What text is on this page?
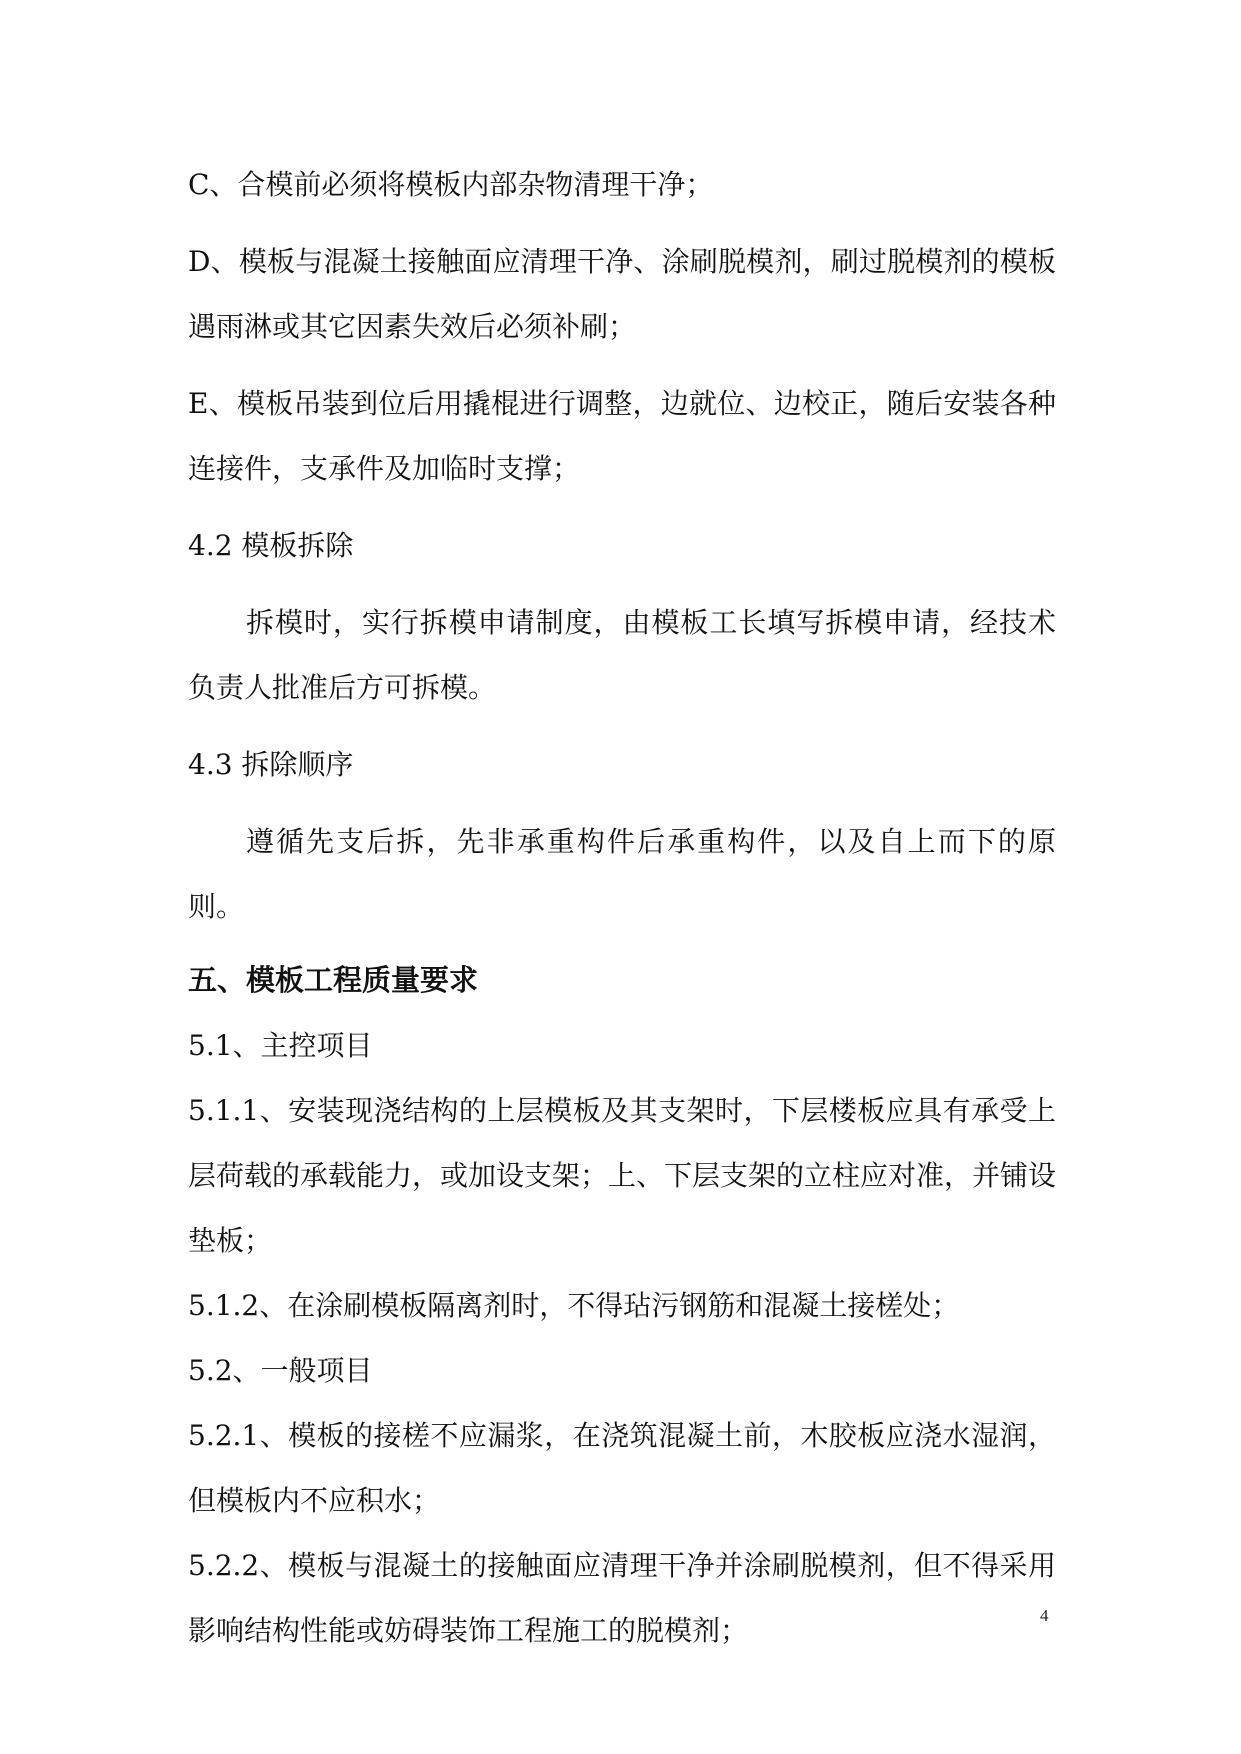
C、合模前必须将模板内部杂物清理干净；

D、模板与混凝土接触面应清理干净、涂刷脱模剂，刷过脱模剂的模板遇雨淋或其它因素失效后必须补刷；

E、模板吊装到位后用撬棍进行调整，边就位、边校正，随后安装各种连接件，支承件及加临时支撑；

4.2 模板拆除

拆模时，实行拆模申请制度，由模板工长填写拆模申请，经技术负责人批准后方可拆模。

4.3 拆除顺序

遵循先支后拆，先非承重构件后承重构件，以及自上而下的原则。

五、模板工程质量要求

5.1、主控项目

5.1.1、安装现浇结构的上层模板及其支架时，下层楼板应具有承受上层荷载的承载能力，或加设支架；上、下层支架的立柱应对准，并铺设垫板；

5.1.2、在涂刷模板隔离剂时，不得玷污钢筋和混凝土接槎处；

5.2、一般项目

5.2.1、模板的接槎不应漏浆，在浇筑混凝土前，木胶板应浇水湿润，但模板内不应积水；

5.2.2、模板与混凝土的接触面应清理干净并涂刷脱模剂，但不得采用影响结构性能或妨碍装饰工程施工的脱模剂；	4
